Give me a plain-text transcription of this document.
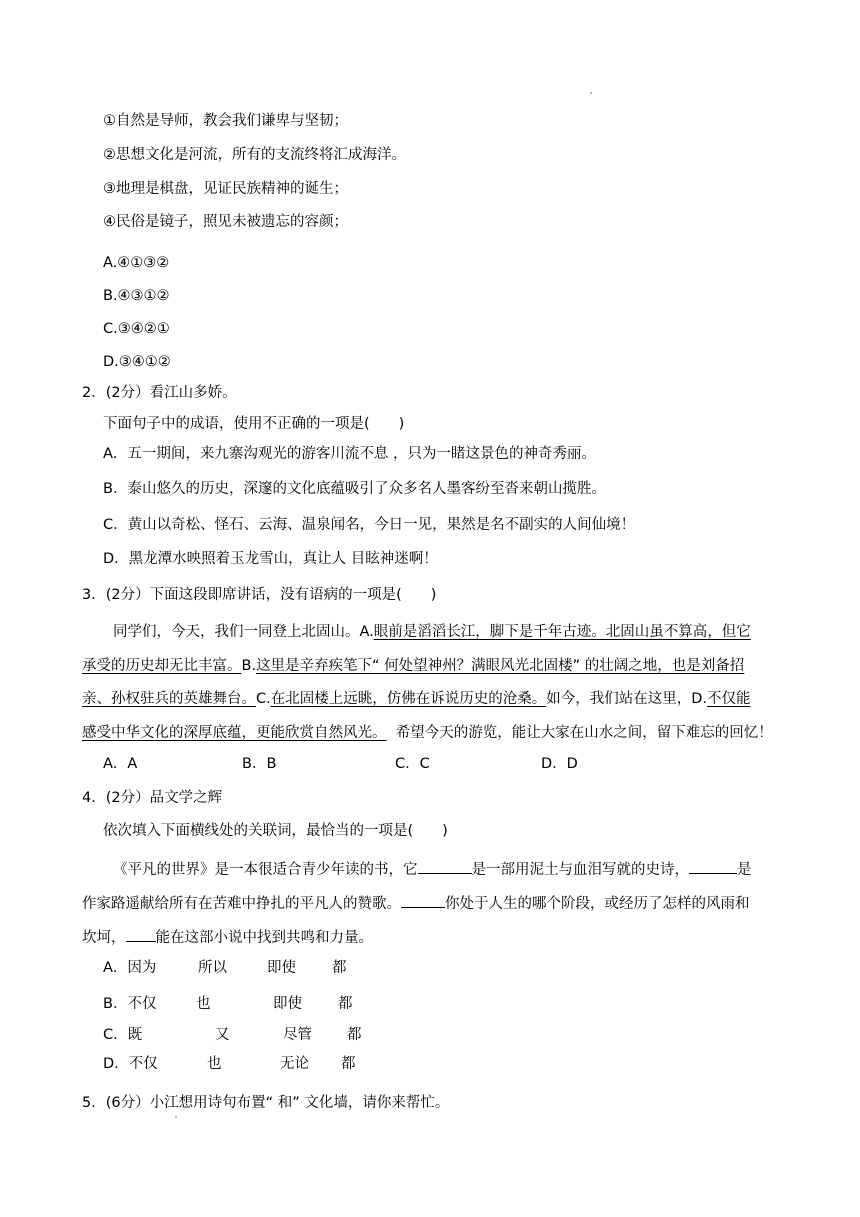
①自然是导师，教会我们谦卑与坚韧；
②思想文化是河流，所有的支流终将汇成海洋。
③地理是棋盘，见证民族精神的诞生；
④民俗是镜子，照见未被遗忘的容颜；
A.④①③②
B.④③①②
C.③④②①
D.③④①②
2．(2分）看江山多娇。
下面句子中的成语，使用不正确的一项是(　　)
A．五一期间，来九寨沟观光的游客川流不息 ，只为一睹这景色的神奇秀丽。
B．泰山悠久的历史，深邃的文化底蕴吸引了众多名人墨客纷至沓来朝山揽胜。
C．黄山以奇松、怪石、云海、温泉闻名，今日一见，果然是名不副实的人间仙境！
D．黑龙潭水映照着玉龙雪山，真让人 目眩神迷啊！
3．(2分）下面这段即席讲话，没有语病的一项是(　　)
同学们，今天，我们一同登上北固山。A.眼前是滔滔长江，脚下是千年古迹。北固山虽不算高，但它
承受的历史却无比丰富。B.这里是辛弃疾笔下“ 何处望神州？满眼风光北固楼” 的壮阔之地，也是刘备招
亲、孙权驻兵的英雄舞台。C.在北固楼上远眺，仿佛在诉说历史的沧桑。如今，我们站在这里，D.不仅能
感受中华文化的深厚底蕴，更能欣赏自然风光。  希望今天的游览，能让大家在山水之间，留下难忘的回忆！
A．A	B．B	C．C	D．D
4．(2分）品文学之辉
依次填入下面横线处的关联词，最恰当的一项是(　　)
《平凡的世界》是一本很适合青少年读的书，它	是一部用泥土与血泪写就的史诗，	是
作家路遥献给所有在苦难中挣扎的平凡人的赞歌。	你处于人生的哪个阶段，或经历了怎样的风雨和
坎坷， 能在这部小说中找到共鸣和力量。
A．因为	所以	即使 都
B．不仅	也	即使 都
C．既	又	尽管 都
D．不仅	也	无论 都
5．(6分）小江想用诗句布置“ 和” 文化墙，请你来帮忙。
